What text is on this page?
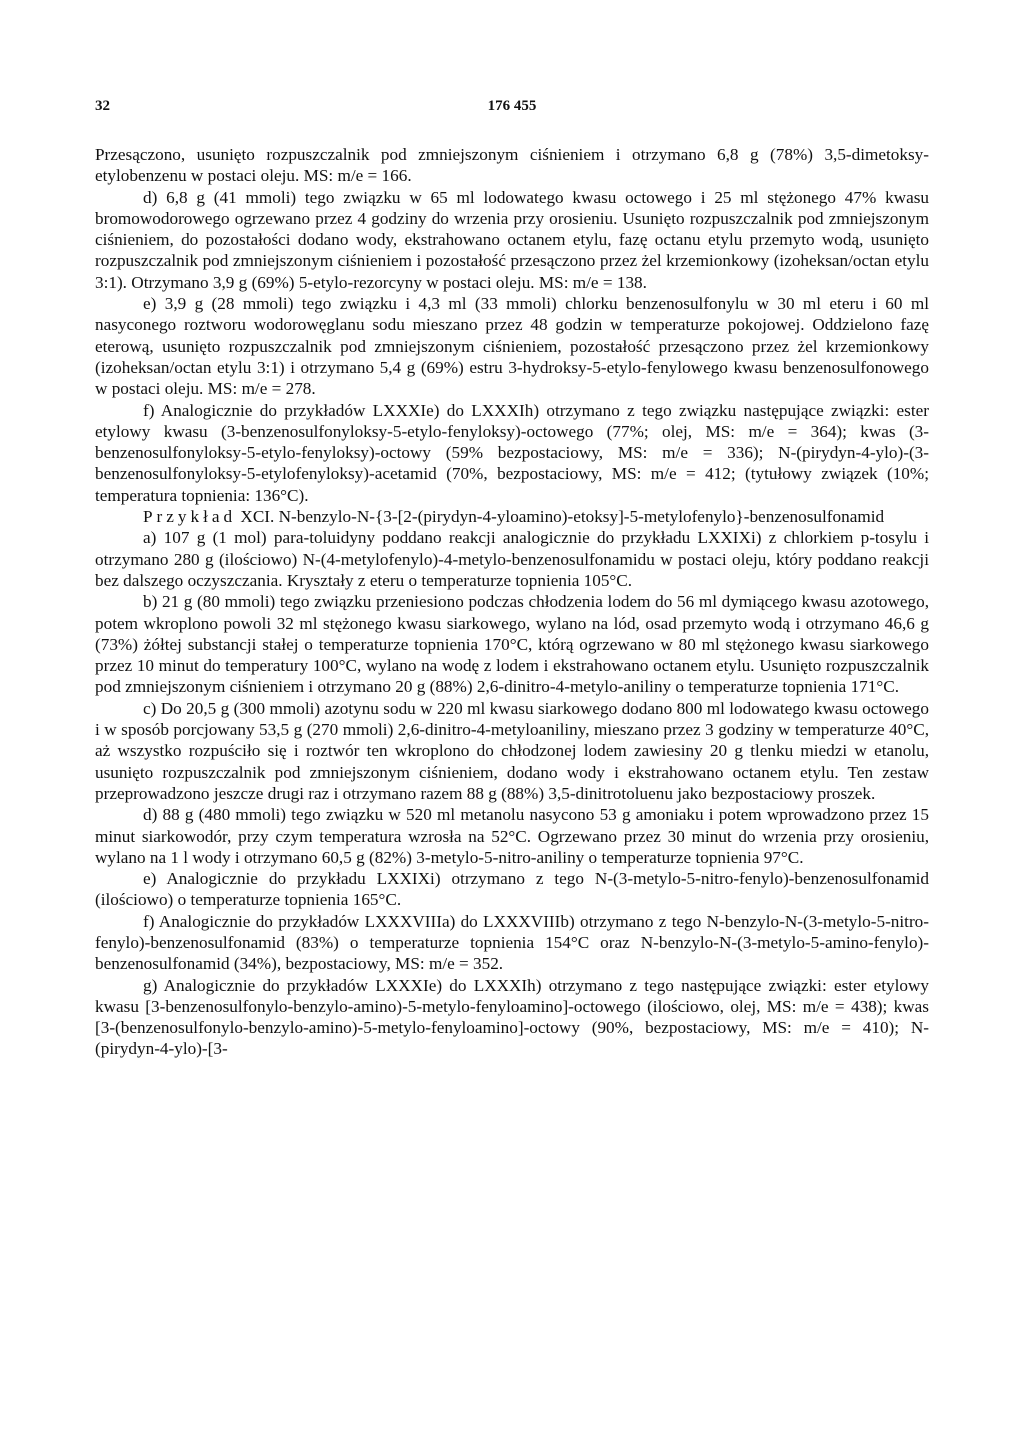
32	176 455

Przesączono, usunięto rozpuszczalnik pod zmniejszonym ciśnieniem i otrzymano 6,8 g (78%) 3,5-dimetoksy-etylobenzenu w postaci oleju. MS: m/e = 166.

d) 6,8 g (41 mmoli) tego związku w 65 ml lodowatego kwasu octowego i 25 ml stężonego 47% kwasu bromowodorowego ogrzewano przez 4 godziny do wrzenia przy orosieniu. Usunięto rozpuszczalnik pod zmniejszonym ciśnieniem, do pozostałości dodano wody, ekstrahowano octanem etylu, fazę octanu etylu przemyto wodą, usunięto rozpuszczalnik pod zmniejszonym ciśnieniem i pozostałość przesączono przez żel krzemionkowy (izoheksan/octan etylu 3:1). Otrzymano 3,9 g (69%) 5-etylo-rezorcyny w postaci oleju. MS: m/e = 138.

e) 3,9 g (28 mmoli) tego związku i 4,3 ml (33 mmoli) chlorku benzenosulfonylu w 30 ml eteru i 60 ml nasyconego roztworu wodorowęglanu sodu mieszano przez 48 godzin w temperaturze pokojowej. Oddzielono fazę eterową, usunięto rozpuszczalnik pod zmniejszonym ciśnieniem, pozostałość przesączono przez żel krzemionkowy (izoheksan/octan etylu 3:1) i otrzymano 5,4 g (69%) estru 3-hydroksy-5-etylo-fenylowego kwasu benzenosulfonowego w postaci oleju. MS: m/e = 278.

f) Analogicznie do przykładów LXXXIe) do LXXXIh) otrzymano z tego związku następujące związki: ester etylowy kwasu (3-benzenosulfonyloksy-5-etylo-fenyloksy)-octowego (77%; olej, MS: m/e = 364); kwas (3-benzenosulfonyloksy-5-etylo-fenyloksy)-octowy (59% bezpostaciowy, MS: m/e = 336); N-(pirydyn-4-ylo)-(3-benzenosulfonyloksy-5-etylofenyloksy)-acetamid (70%, bezpostaciowy, MS: m/e = 412; (tytułowy związek (10%; temperatura topnienia: 136°C).

Przykład XCI. N-benzylo-N-{3-[2-(pirydyn-4-yloamino)-etoksy]-5-metylofenylo}-benzenosulfonamid

a) 107 g (1 mol) para-toluidyny poddano reakcji analogicznie do przykładu LXXIXi) z chlorkiem p-tosylu i otrzymano 280 g (ilościowo) N-(4-metylofenylo)-4-metylo-benzenosulfonamidu w postaci oleju, który poddano reakcji bez dalszego oczyszczania. Kryształy z eteru o temperaturze topnienia 105°C.

b) 21 g (80 mmoli) tego związku przeniesiono podczas chłodzenia lodem do 56 ml dymiącego kwasu azotowego, potem wkroplono powoli 32 ml stężonego kwasu siarkowego, wylano na lód, osad przemyto wodą i otrzymano 46,6 g (73%) żółtej substancji stałej o temperaturze topnienia 170°C, którą ogrzewano w 80 ml stężonego kwasu siarkowego przez 10 minut do temperatury 100°C, wylano na wodę z lodem i ekstrahowano octanem etylu. Usunięto rozpuszczalnik pod zmniejszonym ciśnieniem i otrzymano 20 g (88%) 2,6-dinitro-4-metylo-aniliny o temperaturze topnienia 171°C.

c) Do 20,5 g (300 mmoli) azotynu sodu w 220 ml kwasu siarkowego dodano 800 ml lodowatego kwasu octowego i w sposób porcjowany 53,5 g (270 mmoli) 2,6-dinitro-4-metyloaniliny, mieszano przez 3 godziny w temperaturze 40°C, aż wszystko rozpuściło się i roztwór ten wkroplono do chłodzonej lodem zawiesiny 20 g tlenku miedzi w etanolu, usunięto rozpuszczalnik pod zmniejszonym ciśnieniem, dodano wody i ekstrahowano octanem etylu. Ten zestaw przeprowadzono jeszcze drugi raz i otrzymano razem 88 g (88%) 3,5-dinitrotoluenu jako bezpostaciowy proszek.

d) 88 g (480 mmoli) tego związku w 520 ml metanolu nasycono 53 g amoniaku i potem wprowadzono przez 15 minut siarkowodór, przy czym temperatura wzrosła na 52°C. Ogrzewano przez 30 minut do wrzenia przy orosieniu, wylano na 1 l wody i otrzymano 60,5 g (82%) 3-metylo-5-nitro-aniliny o temperaturze topnienia 97°C.

e) Analogicznie do przykładu LXXIXi) otrzymano z tego N-(3-metylo-5-nitro-fenylo)-benzenosulfonamid (ilościowo) o temperaturze topnienia 165°C.

f) Analogicznie do przykładów LXXXVIIIa) do LXXXVIIIb) otrzymano z tego N-benzylo-N-(3-metylo-5-nitro-fenylo)-benzenosulfonamid (83%) o temperaturze topnienia 154°C oraz N-benzylo-N-(3-metylo-5-amino-fenylo)-benzenosulfonamid (34%), bezpostaciowy, MS: m/e = 352.

g) Analogicznie do przykładów LXXXIe) do LXXXIh) otrzymano z tego następujące związki: ester etylowy kwasu [3-benzenosulfonylo-benzylo-amino)-5-metylo-fenyloamino]-octowego (ilościowo, olej, MS: m/e = 438); kwas [3-(benzenosulfonylo-benzylo-amino)-5-metylo-fenyloamino]-octowy (90%, bezpostaciowy, MS: m/e = 410); N-(pirydyn-4-ylo)-[3-
